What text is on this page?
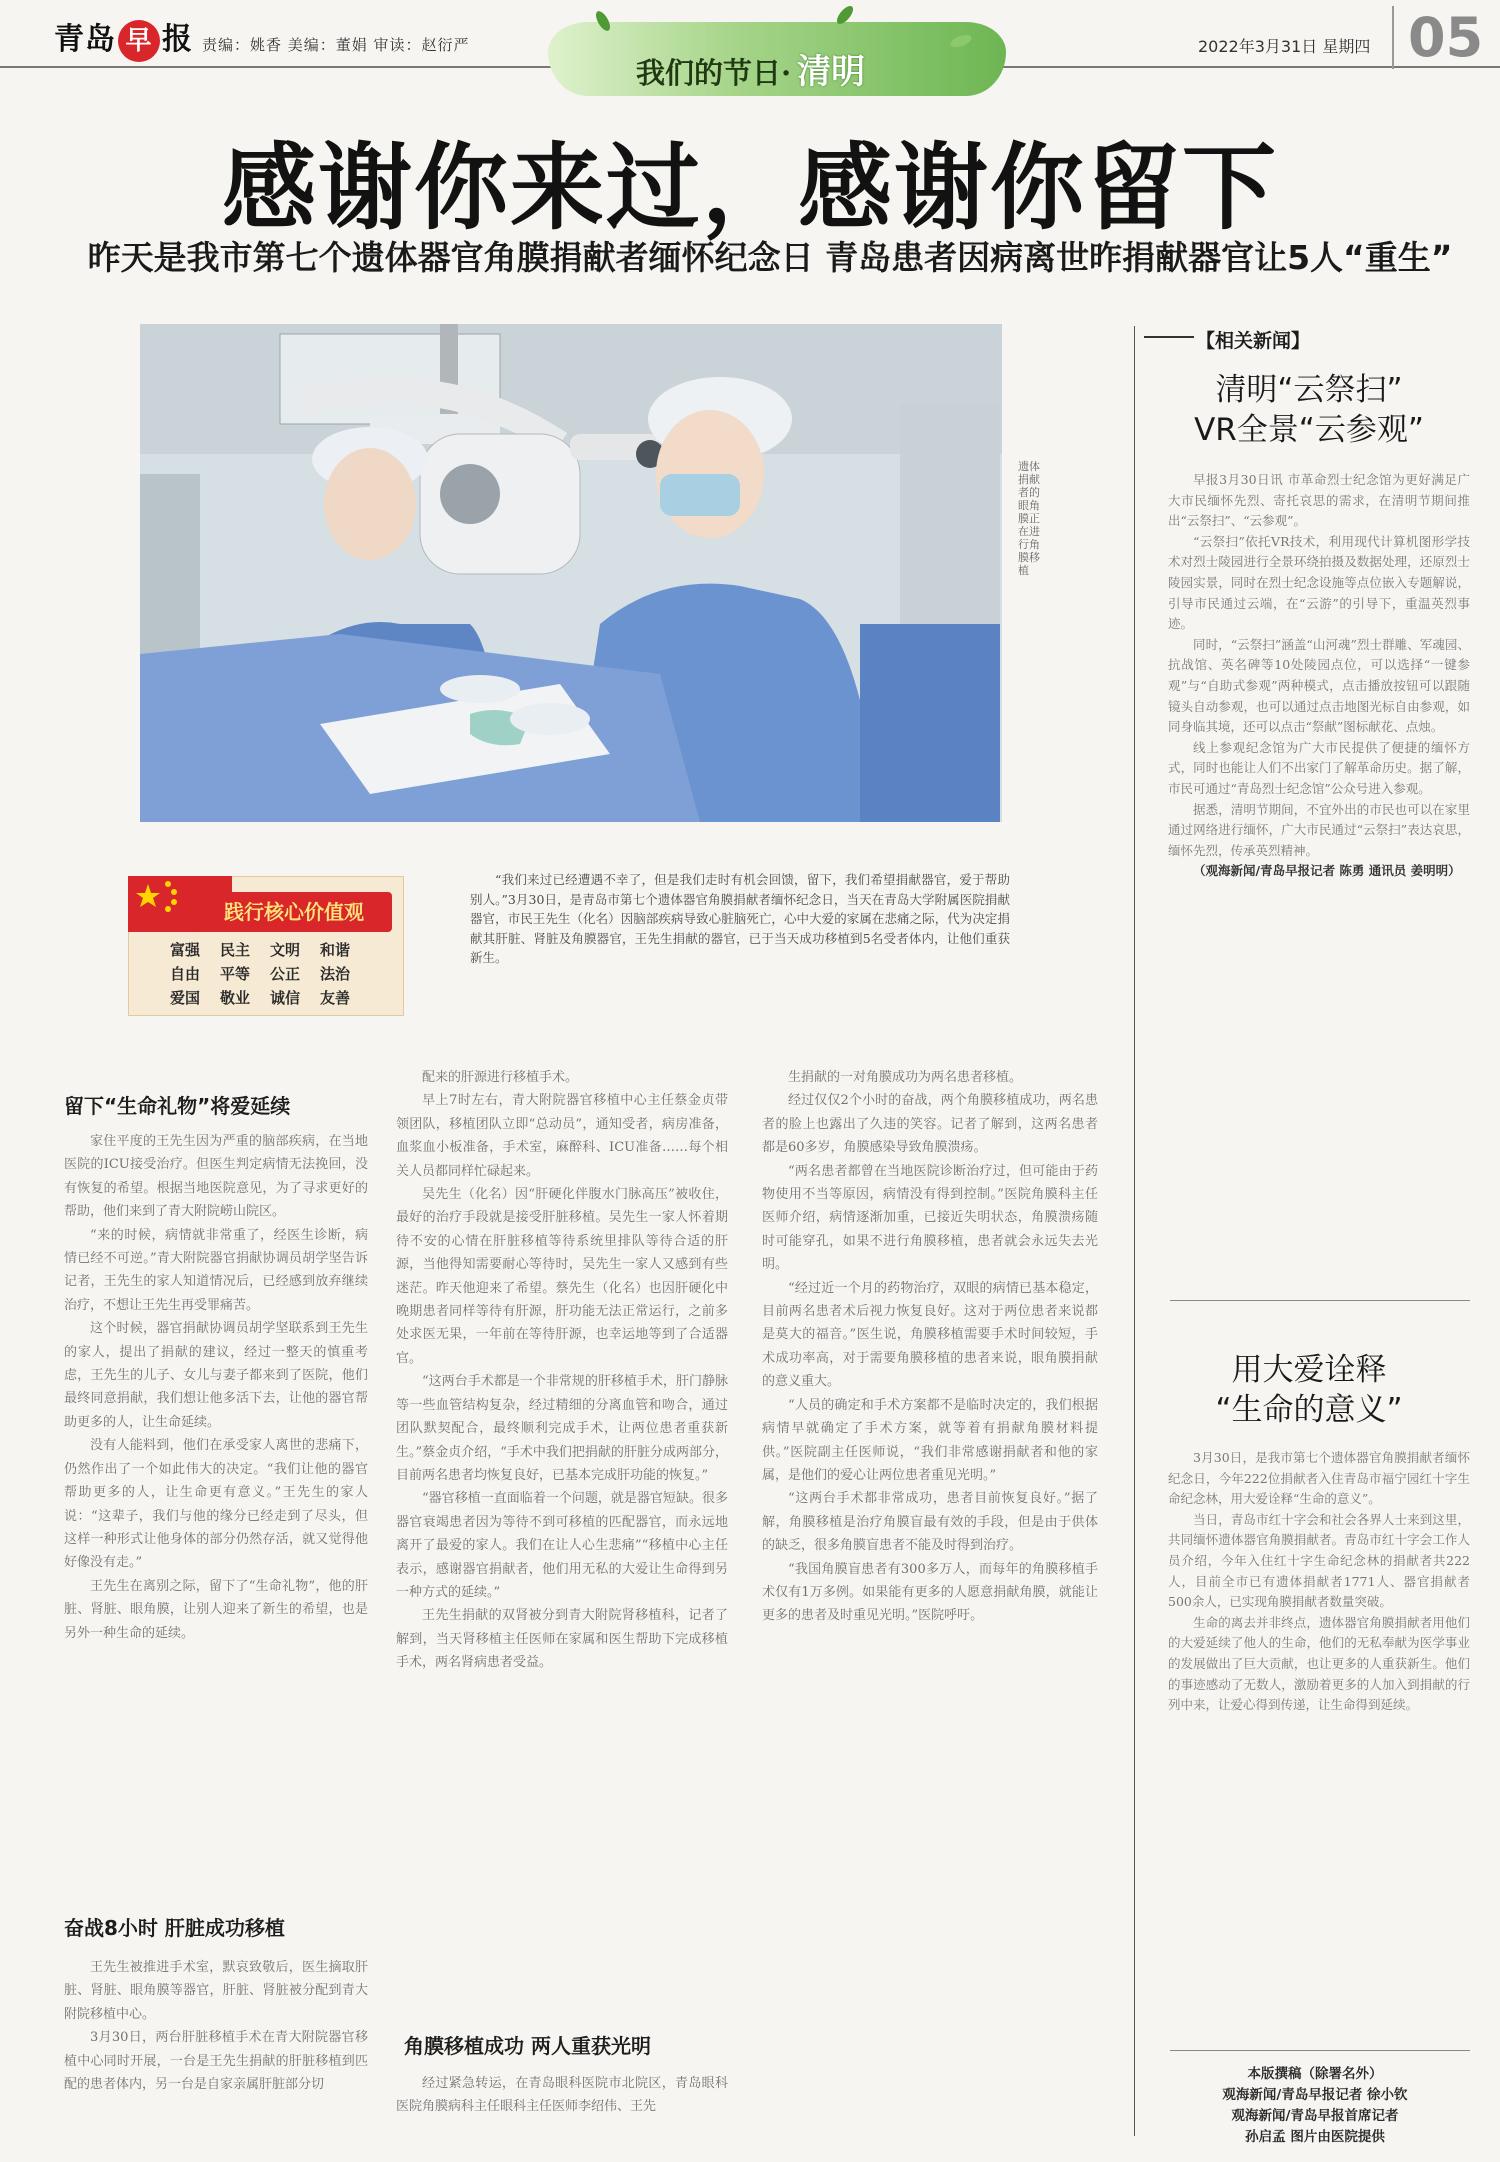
青岛 早 报 责编：姚香 美编：董娟 审读：赵衍严
我们的节日· 清明
2022年3月31日 星期四 05
感谢你来过，感谢你留下
昨天是我市第七个遗体器官角膜捐献者缅怀纪念日 青岛患者因病离世昨捐献器官让5人“重生”
遗体捐献者的眼角膜正在进行角膜移植
践行核心价值观
富强 民主 文明 和谐
自由 平等 公正 法治
爱国 敬业 诚信 友善
“我们来过已经遭遇不幸了，但是我们走时有机会回馈，留下，我们希望捐献器官，爱于帮助别人。”3月30日，是青岛市第七个遗体器官角膜捐献者缅怀纪念日，当天在青岛大学附属医院捐献器官，市民王先生（化名）因脑部疾病导致心脏脑死亡，心中大爱的家属在悲痛之际，代为决定捐献其肝脏、肾脏及角膜器官，王先生捐献的器官，已于当天成功移植到5名受者体内，让他们重获新生。
留下“生命礼物”将爱延续

家住平度的王先生因为严重的脑部疾病，在当地医院的ICU接受治疗。但医生判定病情无法挽回，没有恢复的希望。根据当地医院意见，为了寻求更好的帮助，他们来到了青大附院崂山院区。

“来的时候，病情就非常重了，经医生诊断，病情已经不可逆。”青大附院器官捐献协调员胡学坚告诉记者，王先生的家人知道情况后，已经感到放弃继续治疗，不想让王先生再受罪痛苦。

这个时候，器官捐献协调员胡学坚联系到王先生的家人，提出了捐献的建议，经过一整天的慎重考虑，王先生的儿子、女儿与妻子都来到了医院，他们最终同意捐献，我们想让他多活下去，让他的器官帮助更多的人，让生命延续。

没有人能料到，他们在承受家人离世的悲痛下，仍然作出了一个如此伟大的决定。“我们让他的器官帮助更多的人，让生命更有意义。”王先生的家人说：“这辈子，我们与他的缘分已经走到了尽头，但这样一种形式让他身体的部分仍然存活，就又觉得他好像没有走。”

王先生在离别之际，留下了“生命礼物”，他的肝脏、肾脏、眼角膜，让别人迎来了新生的希望，也是另外一种生命的延续。

奋战8小时 肝脏成功移植

王先生被推进手术室，默哀致敬后，医生摘取肝脏、肾脏、眼角膜等器官，肝脏、肾脏被分配到青大附院移植中心。

3月30日，两台肝脏移植手术在青大附院器官移植中心同时开展，一台是王先生捐献的肝脏移植到匹配的患者体内，另一台是自家亲属肝脏部分切

配来的肝源进行移植手术。

早上7时左右，青大附院器官移植中心主任蔡金贞带领团队，移植团队立即“总动员”，通知受者，病房准备，血浆血小板准备，手术室，麻醉科、ICU准备……每个相关人员都同样忙碌起来。

吴先生（化名）因“肝硬化伴腹水门脉高压”被收住，最好的治疗手段就是接受肝脏移植。吴先生一家人怀着期待不安的心情在肝脏移植等待系统里排队等待合适的肝源，当他得知需要耐心等待时，吴先生一家人又感到有些迷茫。昨天他迎来了希望。蔡先生（化名）也因肝硬化中晚期患者同样等待有肝源，肝功能无法正常运行，之前多处求医无果，一年前在等待肝源，也幸运地等到了合适器官。

“这两台手术都是一个非常规的肝移植手术，肝门静脉等一些血管结构复杂，经过精细的分离血管和吻合，通过团队默契配合，最终顺利完成手术，让两位患者重获新生。”蔡金贞介绍，“手术中我们把捐献的肝脏分成两部分，目前两名患者均恢复良好，已基本完成肝功能的恢复。”

“器官移植一直面临着一个问题，就是器官短缺。很多器官衰竭患者因为等待不到可移植的匹配器官，而永远地离开了最爱的家人。我们在让人心生悲痛”“移植中心主任表示，感谢器官捐献者，他们用无私的大爱让生命得到另一种方式的延续。”

王先生捐献的双肾被分到青大附院肾移植科，记者了解到，当天肾移植主任医师在家属和医生帮助下完成移植手术，两名肾病患者受益。

角膜移植成功 两人重获光明

经过紧急转运，在青岛眼科医院市北院区，青岛眼科医院角膜病科主任眼科主任医师李绍伟、王先

生捐献的一对角膜成功为两名患者移植。

经过仅仅2个小时的奋战，两个角膜移植成功，两名患者的脸上也露出了久违的笑容。记者了解到，这两名患者都是60多岁，角膜感染导致角膜溃疡。

“两名患者都曾在当地医院诊断治疗过，但可能由于药物使用不当等原因，病情没有得到控制。”医院角膜科主任医师介绍，病情逐渐加重，已接近失明状态，角膜溃疡随时可能穿孔，如果不进行角膜移植，患者就会永远失去光明。

“经过近一个月的药物治疗，双眼的病情已基本稳定，目前两名患者术后视力恢复良好。这对于两位患者来说都是莫大的福音。”医生说，角膜移植需要手术时间较短，手术成功率高，对于需要角膜移植的患者来说，眼角膜捐献的意义重大。

“人员的确定和手术方案都不是临时决定的，我们根据病情早就确定了手术方案，就等着有捐献角膜材料提供。”医院副主任医师说，“我们非常感谢捐献者和他的家属，是他们的爱心让两位患者重见光明。”

“这两台手术都非常成功，患者目前恢复良好。”据了解，角膜移植是治疗角膜盲最有效的手段，但是由于供体的缺乏，很多角膜盲患者不能及时得到治疗。

“我国角膜盲患者有300多万人，而每年的角膜移植手术仅有1万多例。如果能有更多的人愿意捐献角膜，就能让更多的患者及时重见光明。”医院呼吁。

【相关新闻】
清明“云祭扫”
VR全景“云参观”

早报3月30日讯 市革命烈士纪念馆为更好满足广大市民缅怀先烈、寄托哀思的需求，在清明节期间推出“云祭扫”、“云参观”。

“云祭扫”依托VR技术，利用现代计算机图形学技术对烈士陵园进行全景环绕拍摄及数据处理，还原烈士陵园实景，同时在烈士纪念设施等点位嵌入专题解说，引导市民通过云端，在“云游”的引导下，重温英烈事迹。

同时，“云祭扫”涵盖“山河魂”烈士群雕、军魂园、抗战馆、英名碑等10处陵园点位，可以选择“一键参观”与“自助式参观”两种模式，点击播放按钮可以跟随镜头自动参观，也可以通过点击地图光标自由参观，如同身临其境，还可以点击“祭献”图标献花、点烛。

线上参观纪念馆为广大市民提供了便捷的缅怀方式，同时也能让人们不出家门了解革命历史。据了解，市民可通过“青岛烈士纪念馆”公众号进入参观。

据悉，清明节期间，不宜外出的市民也可以在家里通过网络进行缅怀，广大市民通过“云祭扫”表达哀思，缅怀先烈，传承英烈精神。

（观海新闻/青岛早报记者 陈勇 通讯员 姜明明）

用大爱诠释
“生命的意义”

3月30日，是我市第七个遗体器官角膜捐献者缅怀纪念日，今年222位捐献者入住青岛市福宁园红十字生命纪念林，用大爱诠释“生命的意义”。

当日，青岛市红十字会和社会各界人士来到这里，共同缅怀遗体器官角膜捐献者。青岛市红十字会工作人员介绍，今年入住红十字生命纪念林的捐献者共222人，目前全市已有遗体捐献者1771人、器官捐献者500余人，已实现角膜捐献者数量突破。

生命的离去并非终点，遗体器官角膜捐献者用他们的大爱延续了他人的生命，他们的无私奉献为医学事业的发展做出了巨大贡献，也让更多的人重获新生。他们的事迹感动了无数人，激励着更多的人加入到捐献的行列中来，让爱心得到传递，让生命得到延续。

本版撰稿（除署名外）
观海新闻/青岛早报记者 徐小钦
观海新闻/青岛早报首席记者
孙启孟 图片由医院提供
